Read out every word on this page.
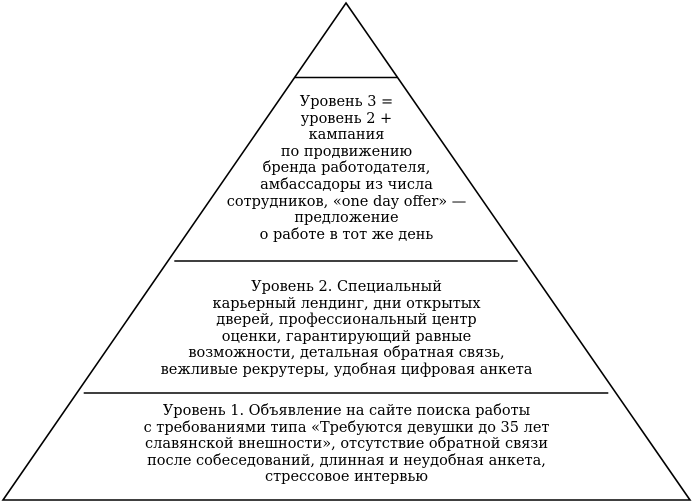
Уровень 3 =
уровень 2 +
кампания
по продвижению
бренда работодателя,
амбассадоры из числа
сотрудников, «one day offer» —
предложение
о работе в тот же день
Уровень 2. Специальный
карьерный лендинг, дни открытых
дверей, профессиональный центр
оценки, гарантирующий равные
возможности, детальная обратная связь,
вежливые рекрутеры, удобная цифровая анкета
Уровень 1. Объявление на сайте поиска работы
с требованиями типа «Требуются девушки до 35 лет
славянской внешности», отсутствие обратной связи
после собеседований, длинная и неудобная анкета,
стрессовое интервью
